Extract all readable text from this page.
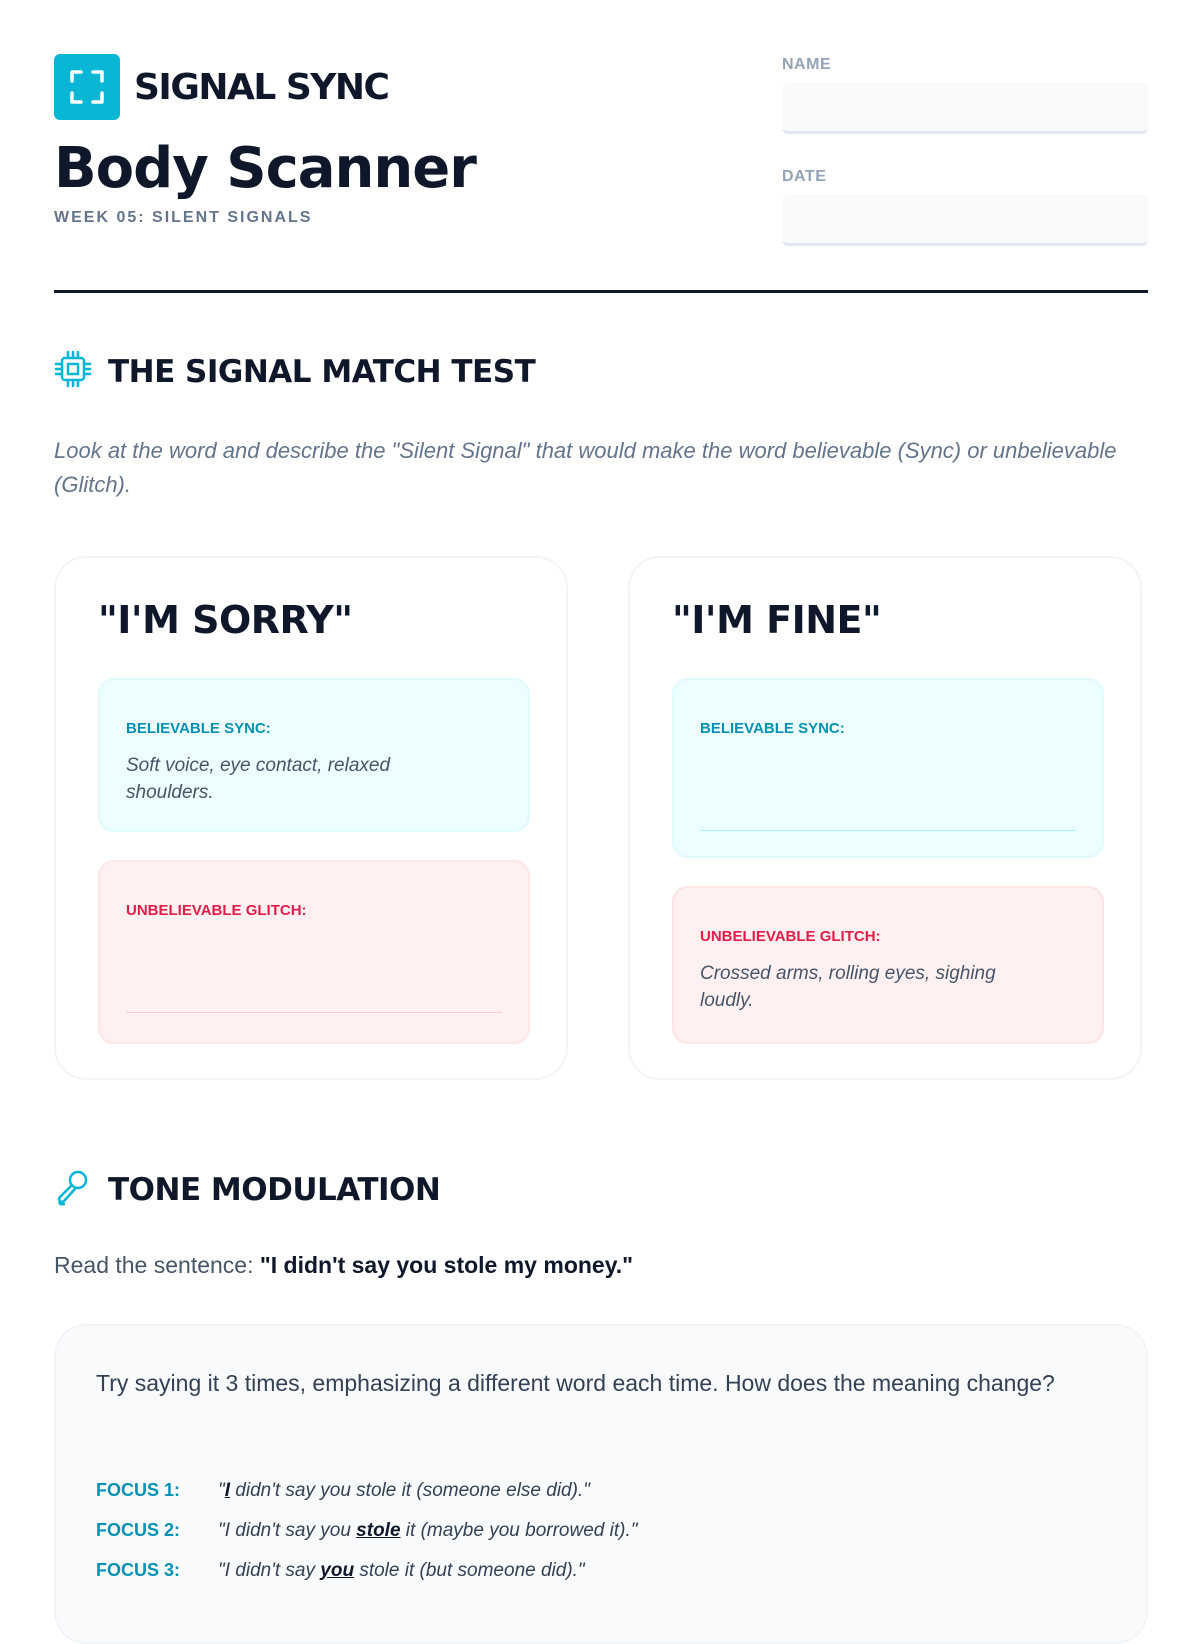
SIGNAL SYNC
Body Scanner
WEEK 05: SILENT SIGNALS
NAME
DATE
THE SIGNAL MATCH TEST

Look at the word and describe the "Silent Signal" that would make the word believable (Sync) or unbelievable (Glitch).

"I'M SORRY"
BELIEVABLE SYNC:
Soft voice, eye contact, relaxed shoulders.
UNBELIEVABLE GLITCH:
"I'M FINE"
BELIEVABLE SYNC:
UNBELIEVABLE GLITCH:
Crossed arms, rolling eyes, sighing loudly.
TONE MODULATION
Read the sentence: "I didn't say you stole my money."

Try saying it 3 times, emphasizing a different word each time. How does the meaning change?

FOCUS 1:	"I didn't say you stole it (someone else did)."
FOCUS 2:	"I didn't say you stole it (maybe you borrowed it)."
FOCUS 3:	"I didn't say you stole it (but someone did)."
